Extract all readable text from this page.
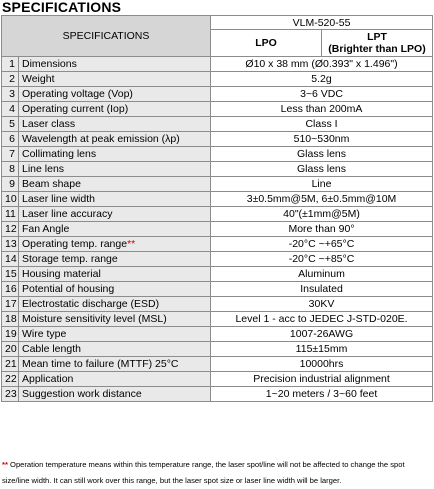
SPECIFICATIONS
SPECIFICATIONS		VLM-520-55	
		LPO	LPT
(Brighter than LPO)
1	Dimensions	Ø10 x 38 mm (Ø0.393" x 1.496")	
2	Weight	5.2g	
3	Operating voltage (Vop)	3~6 VDC	
4	Operating current (Iop)	Less than 200mA	
5	Laser class	Class I	
6	Wavelength at peak emission (λp)	510~530nm	
7	Collimating lens	Glass lens	
8	Line lens	Glass lens	
9	Beam shape	Line	
10	Laser line width	3±0.5mm@5M, 6±0.5mm@10M	
11	Laser line accuracy	40"(±1mm@5M)	
12	Fan Angle	More than 90°	
13	Operating temp. range**	-20°C ~+65°C	
14	Storage temp. range	-20°C ~+85°C	
15	Housing material	Aluminum	
16	Potential of housing	Insulated	
17	Electrostatic discharge (ESD)	30KV	
18	Moisture sensitivity level (MSL)	Level 1 - acc to JEDEC J-STD-020E.	
19	Wire type	1007-26AWG	
20	Cable length	115±15mm	
21	Mean time to failure (MTTF) 25°C	10000hrs	
22	Application	Precision industrial alignment	
23	Suggestion work distance	1~20 meters / 3~60 feet	
** Operation temperature means within this temperature range, the laser spot/line will not be affected to change the spot size/line width. It can still work over this range, but the laser spot size or laser line width will be larger.
